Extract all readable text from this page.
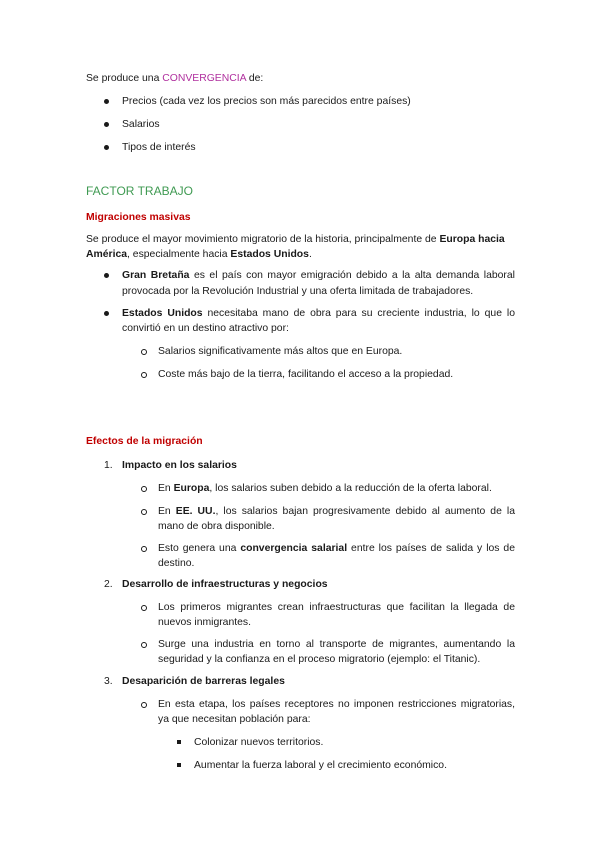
Se produce una CONVERGENCIA de:
Precios (cada vez los precios son más parecidos entre países)
Salarios
Tipos de interés
FACTOR TRABAJO
Migraciones masivas
Se produce el mayor movimiento migratorio de la historia, principalmente de Europa hacia
América, especialmente hacia Estados Unidos.
Gran Bretaña es el país con mayor emigración debido a la alta demanda laboral
provocada por la Revolución Industrial y una oferta limitada de trabajadores.
Estados Unidos necesitaba mano de obra para su creciente industria, lo que lo
convirtió en un destino atractivo por:
Salarios significativamente más altos que en Europa.
Coste más bajo de la tierra, facilitando el acceso a la propiedad.
Efectos de la migración
1. Impacto en los salarios
En Europa, los salarios suben debido a la reducción de la oferta laboral.
En EE. UU., los salarios bajan progresivamente debido al aumento de la
mano de obra disponible.
Esto genera una convergencia salarial entre los países de salida y los de
destino.
2. Desarrollo de infraestructuras y negocios
Los primeros migrantes crean infraestructuras que facilitan la llegada de
nuevos inmigrantes.
Surge una industria en torno al transporte de migrantes, aumentando la
seguridad y la confianza en el proceso migratorio (ejemplo: el Titanic).
3. Desaparición de barreras legales
En esta etapa, los países receptores no imponen restricciones migratorias,
ya que necesitan población para:
Colonizar nuevos territorios.
Aumentar la fuerza laboral y el crecimiento económico.
